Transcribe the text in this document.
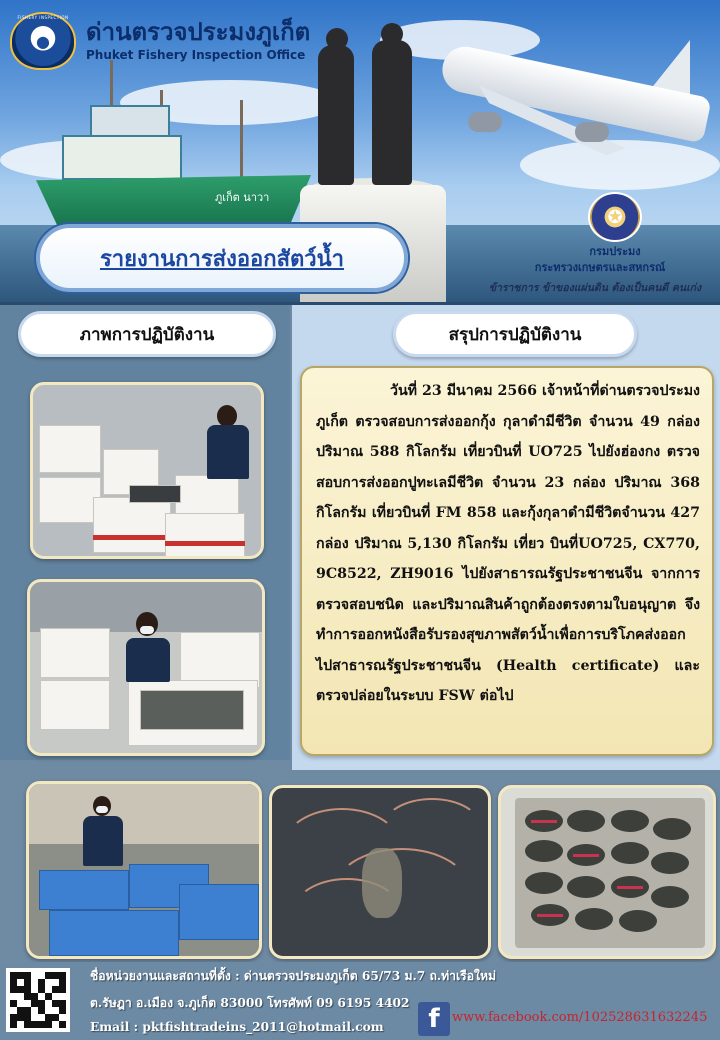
ภูเก็ต นาวา
●
FISHERY INSPECTION
ด่านตรวจประมงภูเก็ต
Phuket Fishery Inspection Office
✪
กรมประมง
กระทรวงเกษตรและสหกรณ์
ข้าราชการ ข้าของแผ่นดิน ต้องเป็นคนดี คนเก่ง
รายงานการส่งออกสัตว์น้ำ
ภาพการปฏิบัติงาน	สรุปการปฏิบัติงาน

วันที่ 23 มีนาคม 2566 เจ้าหน้าที่ด่านตรวจประมงภูเก็ต ตรวจสอบการส่งออกกุ้ง กุลาดำมีชีวิต จำนวน 49 กล่อง ปริมาณ 588 กิโลกรัม เที่ยวบินที่ UO725 ไปยังฮ่องกง ตรวจสอบการส่งออกปูทะเลมีชีวิต จำนวน 23 กล่อง ปริมาณ 368 กิโลกรัม เที่ยวบินที่ FM 858 และกุ้งกุลาดำมีชีวิตจำนวน 427 กล่อง ปริมาณ 5,130 กิโลกรัม เที่ยว บินที่UO725, CX770, 9C8522, ZH9016 ไปยังสาธารณรัฐประชาชนจีน จากการตรวจสอบชนิด และปริมาณสินค้าถูกต้องตรงตามใบอนุญาต จึงทำการออกหนังสือรับรองสุขภาพสัตว์น้ำเพื่อการบริโภคส่งออก ไปสาธารณรัฐประชาชนจีน (Health certificate) และ ตรวจปล่อยในระบบ FSW ต่อไป

ชื่อหน่วยงานและสถานที่ตั้ง : ด่านตรวจประมงภูเก็ต 65/73 ม.7 ถ.ท่าเรือใหม่
ต.รัษฎา อ.เมือง จ.ภูเก็ต 83000 โทรศัพท์ 09 6195 4402
Email : pktfishtradeins_2011@hotmail.com	f www.facebook.com/102528631632245
